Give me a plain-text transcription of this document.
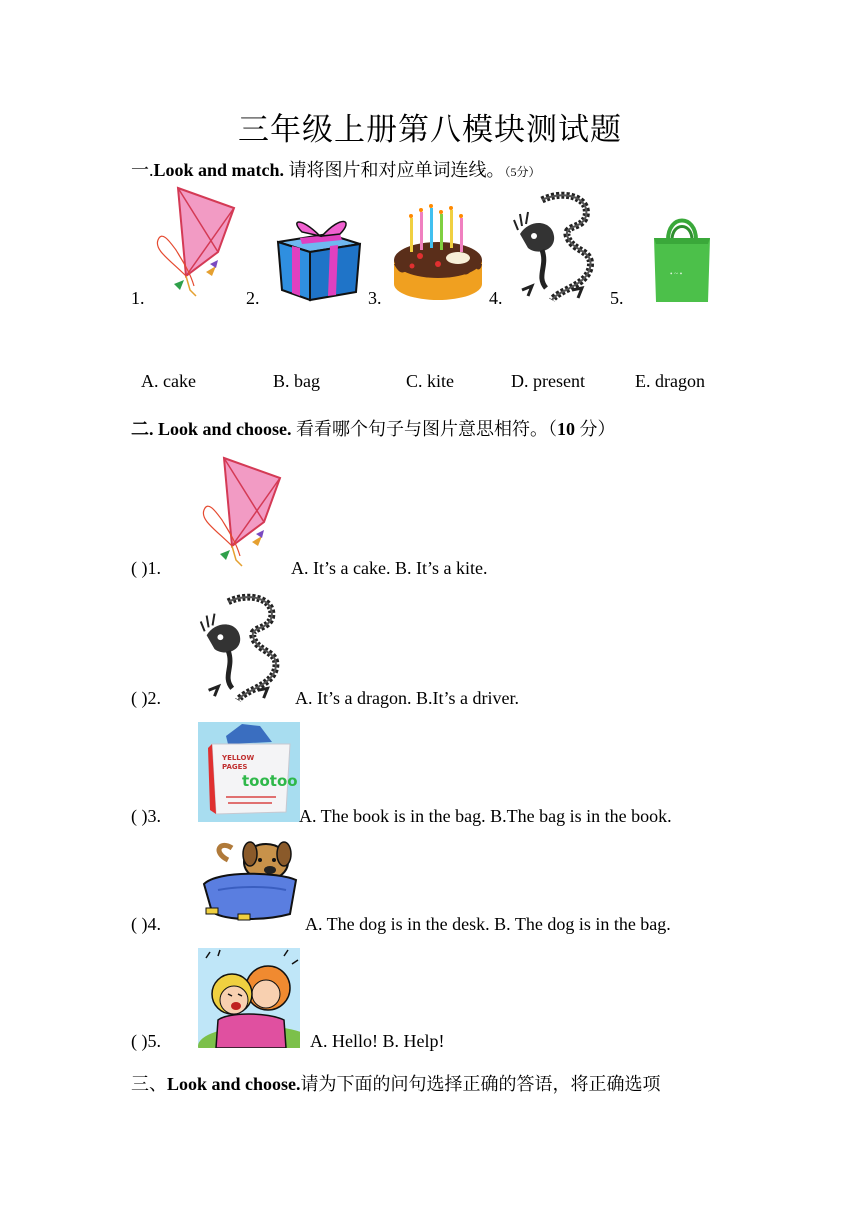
三年级上册第八模块测试题
一.Look and match. 请将图片和对应单词连线。（5分）
1.	2.	3.	4.	5.
• ~ •
A. cake	B. bag	C. kite	D. present	E. dragon
二. Look and choose. 看看哪个句子与图片意思相符。（10 分）
( )1.	A. It’s a cake. B. It’s a kite.
( )2.	A. It’s a dragon. B.It’s a driver.
YELLOW
PAGES
tootoo
( )3.	A. The book is in the bag. B.The bag is in the book.
( )4.	A. The dog is in the desk. B. The dog is in the bag.
( )5.	A. Hello! B. Help!
三、Look and choose.请为下面的问句选择正确的答语，将正确选项
